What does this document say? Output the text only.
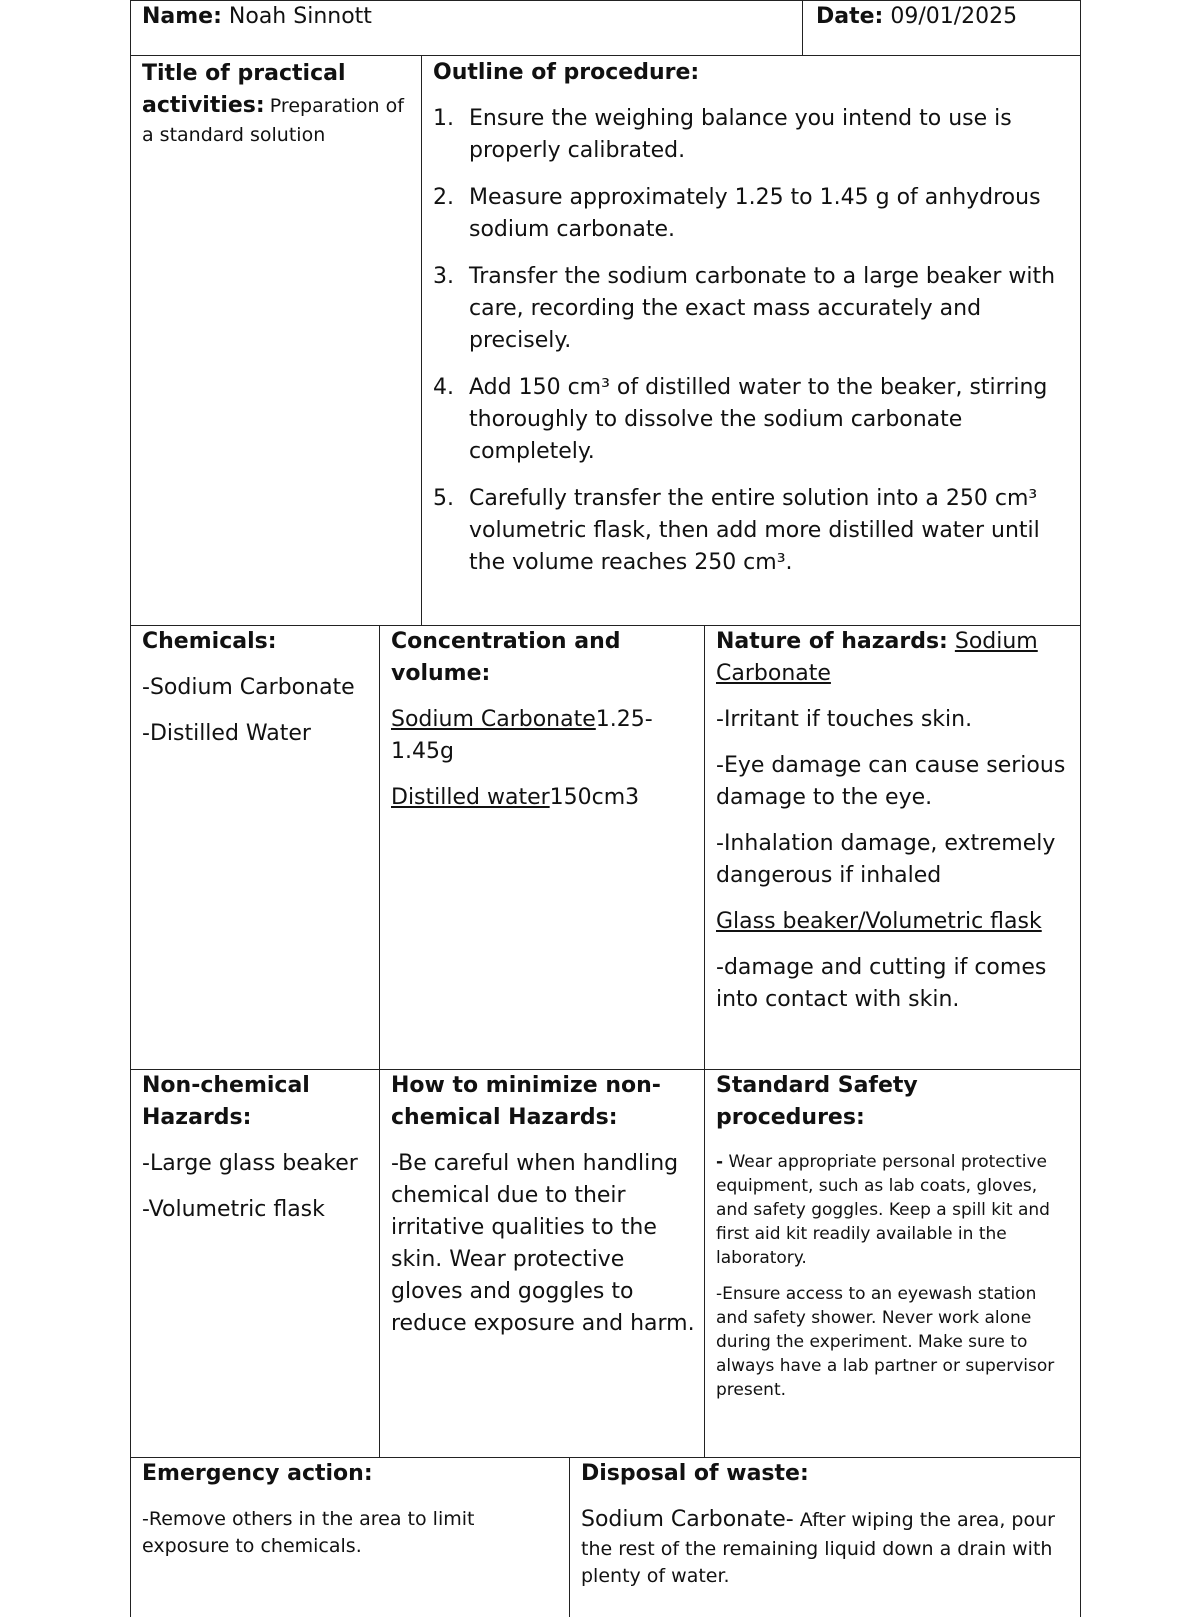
Name: Noah Sinnott	Date: 09/01/2025
Title of practical activities: Preparation of a standard solution

Outline of procedure:

1. Ensure the weighing balance you intend to use is properly calibrated.
2. Measure approximately 1.25 to 1.45 g of anhydrous sodium carbonate.
3. Transfer the sodium carbonate to a large beaker with care, recording the exact mass accurately and precisely.
4. Add 150 cm³ of distilled water to the beaker, stirring thoroughly to dissolve the sodium carbonate completely.
5. Carefully transfer the entire solution into a 250 cm³ volumetric flask, then add more distilled water until the volume reaches 250 cm³.

Chemicals:

-Sodium Carbonate

-Distilled Water

Concentration and volume:

Sodium Carbonate1.25-1.45g

Distilled water150cm3

Nature of hazards: Sodium Carbonate

-Irritant if touches skin.

-Eye damage can cause serious damage to the eye.

-Inhalation damage, extremely dangerous if inhaled

Glass beaker/Volumetric flask

-damage and cutting if comes into contact with skin.

Non-chemical Hazards:

-Large glass beaker

-Volumetric flask

How to minimize non-chemical Hazards:

-Be careful when handling chemical due to their irritative qualities to the skin. Wear protective gloves and goggles to reduce exposure and harm.

Standard Safety procedures:

- Wear appropriate personal protective equipment, such as lab coats, gloves, and safety goggles. Keep a spill kit and first aid kit readily available in the laboratory.

-Ensure access to an eyewash station and safety shower. Never work alone during the experiment. Make sure to always have a lab partner or supervisor present.

Emergency action:

-Remove others in the area to limit exposure to chemicals.

Disposal of waste:

Sodium Carbonate- After wiping the area, pour the rest of the remaining liquid down a drain with plenty of water.
